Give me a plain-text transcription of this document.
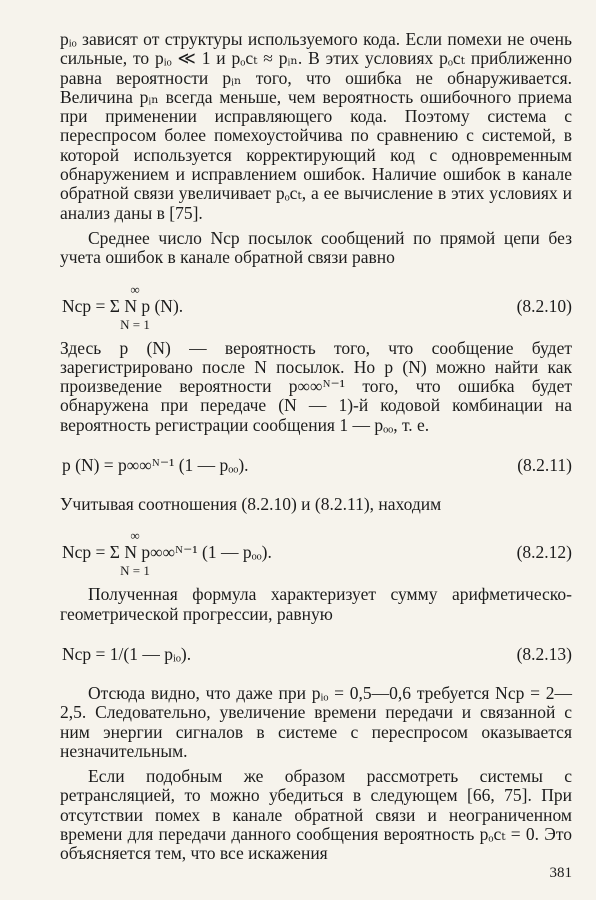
pᵢₒ зависят от структуры используемого кода. Если помехи не очень сильные, то pᵢₒ ≪ 1 и pₒcₜ ≈ pᵢₙ. В этих условиях pₒcₜ приближенно равна вероятности pᵢₙ того, что ошибка не обнаруживается. Величина pᵢₙ всегда меньше, чем вероятность ошибочного приема при применении исправляющего кода. Поэтому система с переспросом более помехоустойчива по сравнению с системой, в которой используется корректирующий код с одновременным обнаружением и исправлением ошибок. Наличие ошибок в канале обратной связи увеличивает pₒcₜ, а ее вычисление в этих условиях и анализ даны в [75].

Среднее число Nср посылок сообщений по прямой цепи без учета ошибок в канале обратной связи равно

∞
Nср = Σ N p (N).
N = 1
(8.2.10)

Здесь p (N) — вероятность того, что сообщение будет зарегистрировано после N посылок. Но p (N) можно найти как произведение вероятности p∞∞ᴺ⁻¹ того, что ошибка будет обнаружена при передаче (N — 1)-й кодовой комбинации на вероятность регистрации сообщения 1 — pₒₒ, т. е.

p (N) = p∞∞ᴺ⁻¹ (1 — pₒₒ).	(8.2.11)

Учитывая соотношения (8.2.10) и (8.2.11), находим

∞
Nср = Σ N p∞∞ᴺ⁻¹ (1 — pₒₒ).
N = 1
(8.2.12)

Полученная формула характеризует сумму арифметическо-геометрической прогрессии, равную

Nср = 1/(1 — pᵢₒ).	(8.2.13)

Отсюда видно, что даже при pᵢₒ = 0,5—0,6 требуется Nср = 2—2,5. Следовательно, увеличение времени передачи и связанной с ним энергии сигналов в системе с переспросом оказывается незначительным.

Если подобным же образом рассмотреть системы с ретрансляцией, то можно убедиться в следующем [66, 75]. При отсутствии помех в канале обратной связи и неограниченном времени для передачи данного сообщения вероятность pₒcₜ = 0. Это объясняется тем, что все искажения

381
